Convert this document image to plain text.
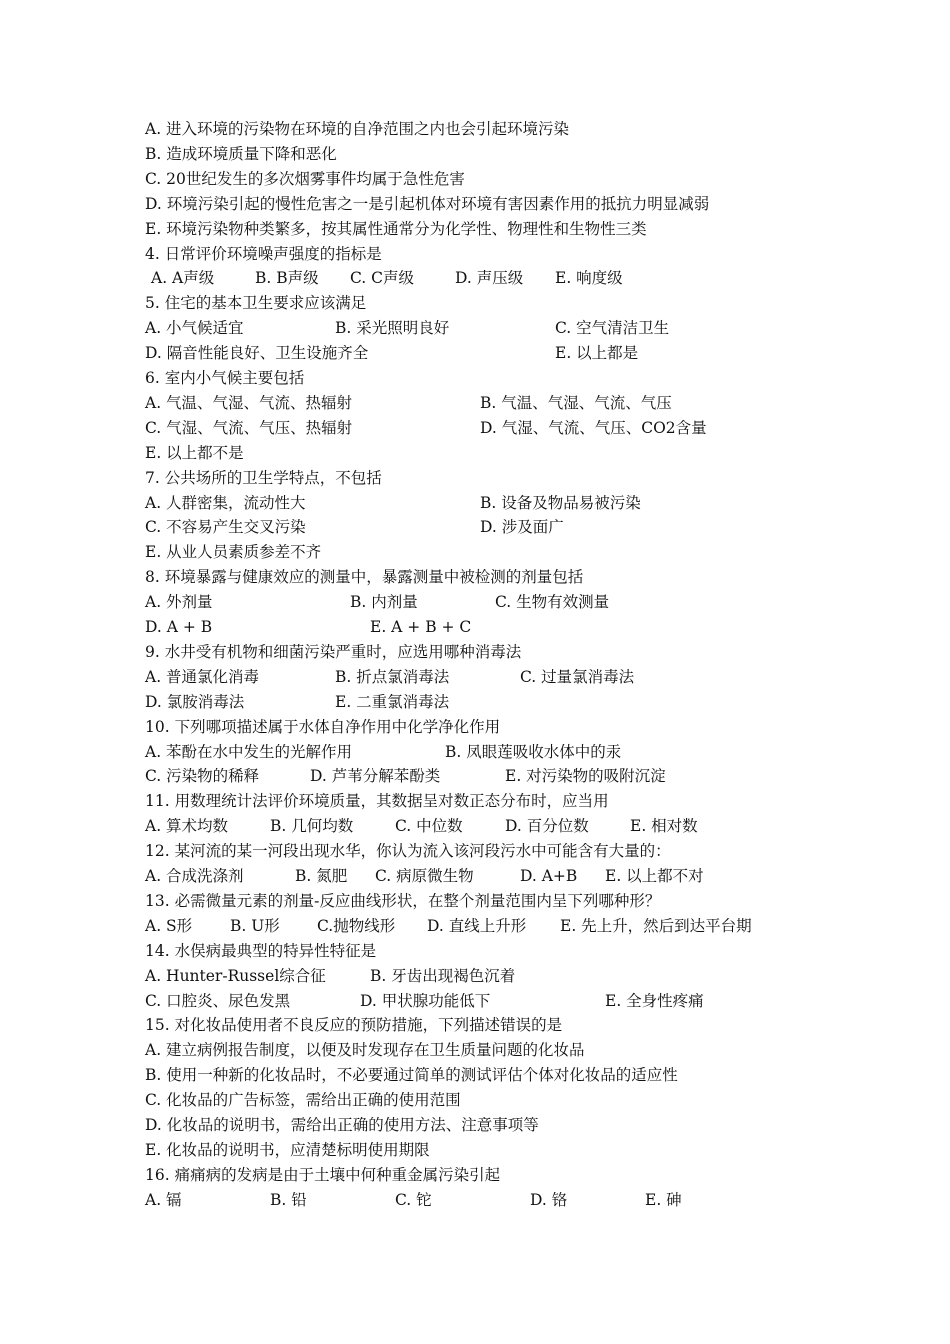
A. 进入环境的污染物在环境的自净范围之内也会引起环境污染
B. 造成环境质量下降和恶化
C. 20世纪发生的多次烟雾事件均属于急性危害
D. 环境污染引起的慢性危害之一是引起机体对环境有害因素作用的抵抗力明显减弱
E. 环境污染物种类繁多，按其属性通常分为化学性、物理性和生物性三类
4. 日常评价环境噪声强度的指标是
A. A声级	B. B声级 C. C声级	D. 声压级 E. 响度级
5. 住宅的基本卫生要求应该满足
A. 小气候适宜	B. 采光照明良好	C. 空气清洁卫生
D. 隔音性能良好、卫生设施齐全	E. 以上都是
6. 室内小气候主要包括
A. 气温、气湿、气流、热辐射	B. 气温、气湿、气流、气压
C. 气湿、气流、气压、热辐射	D. 气湿、气流、气压、CO2含量
E. 以上都不是
7. 公共场所的卫生学特点，不包括
A. 人群密集，流动性大	B. 设备及物品易被污染
C. 不容易产生交叉污染	D. 涉及面广
E. 从业人员素质参差不齐
8. 环境暴露与健康效应的测量中，暴露测量中被检测的剂量包括
A. 外剂量	B. 内剂量	C. 生物有效测量
D. A + B	E. A + B + C
9. 水井受有机物和细菌污染严重时，应选用哪种消毒法
A. 普通氯化消毒	B. 折点氯消毒法	C. 过量氯消毒法
D. 氯胺消毒法	E. 二重氯消毒法
10. 下列哪项描述属于水体自净作用中化学净化作用
A. 苯酚在水中发生的光解作用	B. 凤眼莲吸收水体中的汞
C. 污染物的稀释	D. 芦苇分解苯酚类	E. 对污染物的吸附沉淀
11. 用数理统计法评价环境质量，其数据呈对数正态分布时，应当用
A. 算术均数	B. 几何均数	C. 中位数	D. 百分位数	E. 相对数
12. 某河流的某一河段出现水华，你认为流入该河段污水中可能含有大量的：
A. 合成洗涤剂	B. 氮肥 C. 病原微生物	D. A+B E. 以上都不对
13. 必需微量元素的剂量-反应曲线形状，在整个剂量范围内呈下列哪种形？
A. S形 B. U形 C.抛物线形 D. 直线上升形 E. 先上升，然后到达平台期
14. 水俣病最典型的特异性特征是
A. Hunter-Russel综合征	B. 牙齿出现褐色沉着
C. 口腔炎、尿色发黑	D. 甲状腺功能低下	E. 全身性疼痛
15. 对化妆品使用者不良反应的预防措施，下列描述错误的是
A. 建立病例报告制度，以便及时发现存在卫生质量问题的化妆品
B. 使用一种新的化妆品时，不必要通过简单的测试评估个体对化妆品的适应性
C. 化妆品的广告标签，需给出正确的使用范围
D. 化妆品的说明书，需给出正确的使用方法、注意事项等
E. 化妆品的说明书，应清楚标明使用期限
16. 痛痛病的发病是由于土壤中何种重金属污染引起
A. 镉	B. 铅	C. 铊	D. 铬	E. 砷
